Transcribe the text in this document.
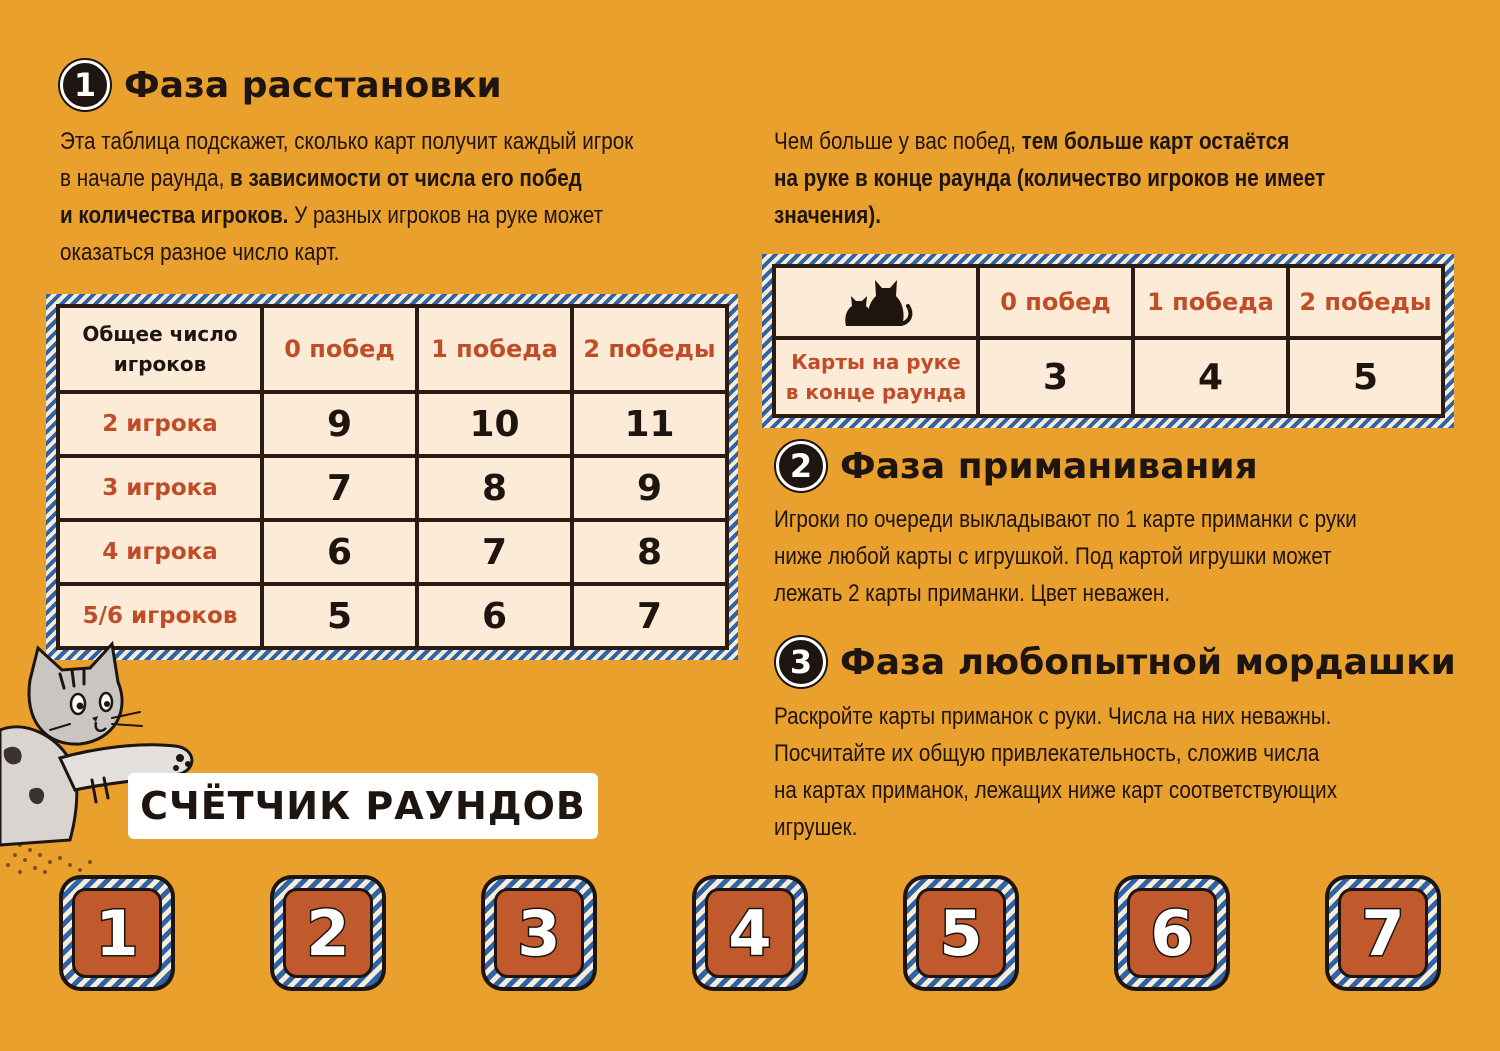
1 Фаза расстановки
Эта таблица подскажет, сколько карт получит каждый игрок
в начале раунда, в зависимости от числа его побед
и количества игроков. У разных игроков на руке может
оказаться разное число карт.
Общее число
игроков	0 побед	1 победа	2 победы
2 игрока	9	10	11
3 игрока	7	8	9
4 игрока	6	7	8
5/6 игроков	5	6	7
Чем больше у вас побед, тем больше карт остаётся
на руке в конце раунда (количество игроков не имеет
значения).
	0 побед	1 победа	2 победы

Карты на руке
в конце раунда	3	4	5
2 Фаза приманивания
Игроки по очереди выкладывают по 1 карте приманки с руки
ниже любой карты с игрушкой. Под картой игрушки может
лежать 2 карты приманки. Цвет неважен.
3 Фаза любопытной мордашки
Раскройте карты приманок с руки. Числа на них неважны.
Посчитайте их общую привлекательность, сложив числа
на картах приманок, лежащих ниже карт соответствующих
игрушек.
СЧЁТЧИК РАУНДОВ
1	2	3	4	5	6	7
